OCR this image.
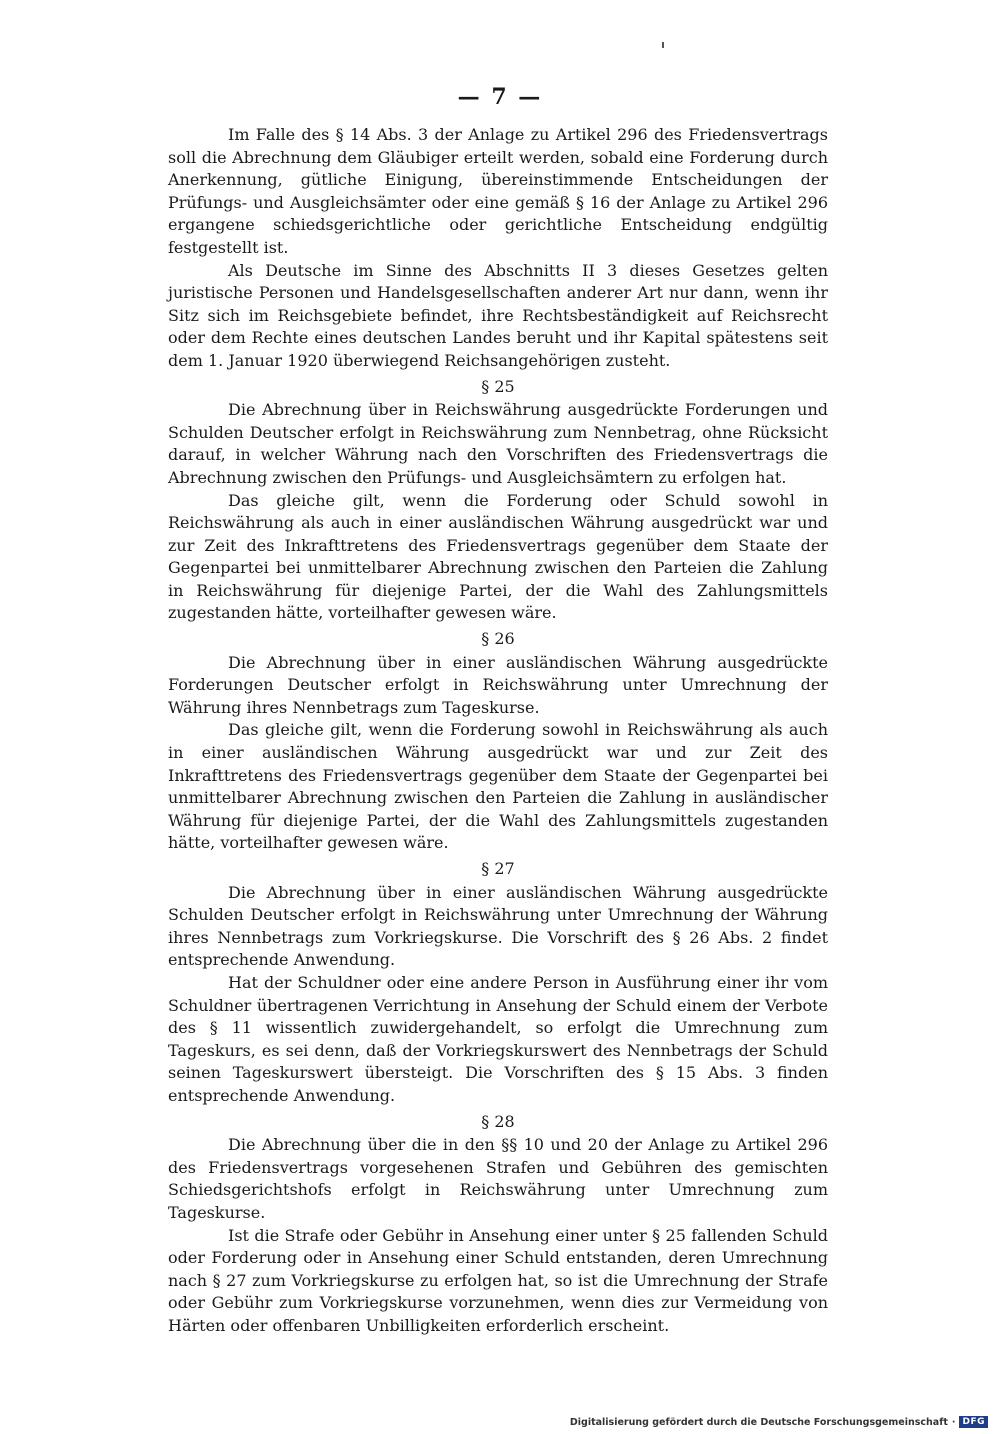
— 7 —

Im Falle des § 14 Abs. 3 der Anlage zu Artikel 296 des Friedensvertrags soll die Abrechnung dem Gläubiger erteilt werden, sobald eine Forderung durch Anerkennung, gütliche Einigung, übereinstimmende Entscheidungen der Prüfungs- und Ausgleichsämter oder eine gemäß § 16 der Anlage zu Artikel 296 ergangene schiedsgerichtliche oder gerichtliche Entscheidung endgültig festgestellt ist.

Als Deutsche im Sinne des Abschnitts II 3 dieses Gesetzes gelten juristische Personen und Handelsgesellschaften anderer Art nur dann, wenn ihr Sitz sich im Reichsgebiete befindet, ihre Rechtsbeständigkeit auf Reichsrecht oder dem Rechte eines deutschen Landes beruht und ihr Kapital spätestens seit dem 1. Januar 1920 überwiegend Reichsangehörigen zusteht.

§ 25

Die Abrechnung über in Reichswährung ausgedrückte Forderungen und Schulden Deutscher erfolgt in Reichswährung zum Nennbetrag, ohne Rücksicht darauf, in welcher Währung nach den Vorschriften des Friedensvertrags die Abrechnung zwischen den Prüfungs- und Ausgleichsämtern zu erfolgen hat.

Das gleiche gilt, wenn die Forderung oder Schuld sowohl in Reichswährung als auch in einer ausländischen Währung ausgedrückt war und zur Zeit des Inkrafttretens des Friedensvertrags gegenüber dem Staate der Gegenpartei bei unmittelbarer Abrechnung zwischen den Parteien die Zahlung in Reichswährung für diejenige Partei, der die Wahl des Zahlungsmittels zugestanden hätte, vorteilhafter gewesen wäre.

§ 26

Die Abrechnung über in einer ausländischen Währung ausgedrückte Forderungen Deutscher erfolgt in Reichswährung unter Umrechnung der Währung ihres Nennbetrags zum Tageskurse.

Das gleiche gilt, wenn die Forderung sowohl in Reichswährung als auch in einer ausländischen Währung ausgedrückt war und zur Zeit des Inkrafttretens des Friedensvertrags gegenüber dem Staate der Gegenpartei bei unmittelbarer Abrechnung zwischen den Parteien die Zahlung in ausländischer Währung für diejenige Partei, der die Wahl des Zahlungsmittels zugestanden hätte, vorteilhafter gewesen wäre.

§ 27

Die Abrechnung über in einer ausländischen Währung ausgedrückte Schulden Deutscher erfolgt in Reichswährung unter Umrechnung der Währung ihres Nennbetrags zum Vorkriegskurse. Die Vorschrift des § 26 Abs. 2 findet entsprechende Anwendung.

Hat der Schuldner oder eine andere Person in Ausführung einer ihr vom Schuldner übertragenen Verrichtung in Ansehung der Schuld einem der Verbote des § 11 wissentlich zuwidergehandelt, so erfolgt die Umrechnung zum Tageskurs, es sei denn, daß der Vorkriegskurswert des Nennbetrags der Schuld seinen Tageskurswert übersteigt. Die Vorschriften des § 15 Abs. 3 finden entsprechende Anwendung.

§ 28

Die Abrechnung über die in den §§ 10 und 20 der Anlage zu Artikel 296 des Friedensvertrags vorgesehenen Strafen und Gebühren des gemischten Schiedsgerichtshofs erfolgt in Reichswährung unter Umrechnung zum Tageskurse.

Ist die Strafe oder Gebühr in Ansehung einer unter § 25 fallenden Schuld oder Forderung oder in Ansehung einer Schuld entstanden, deren Umrechnung nach § 27 zum Vorkriegskurse zu erfolgen hat, so ist die Umrechnung der Strafe oder Gebühr zum Vorkriegskurse vorzunehmen, wenn dies zur Vermeidung von Härten oder offenbaren Unbilligkeiten erforderlich erscheint.

Digitalisierung gefördert durch die Deutsche Forschungsgemeinschaft · DFG
